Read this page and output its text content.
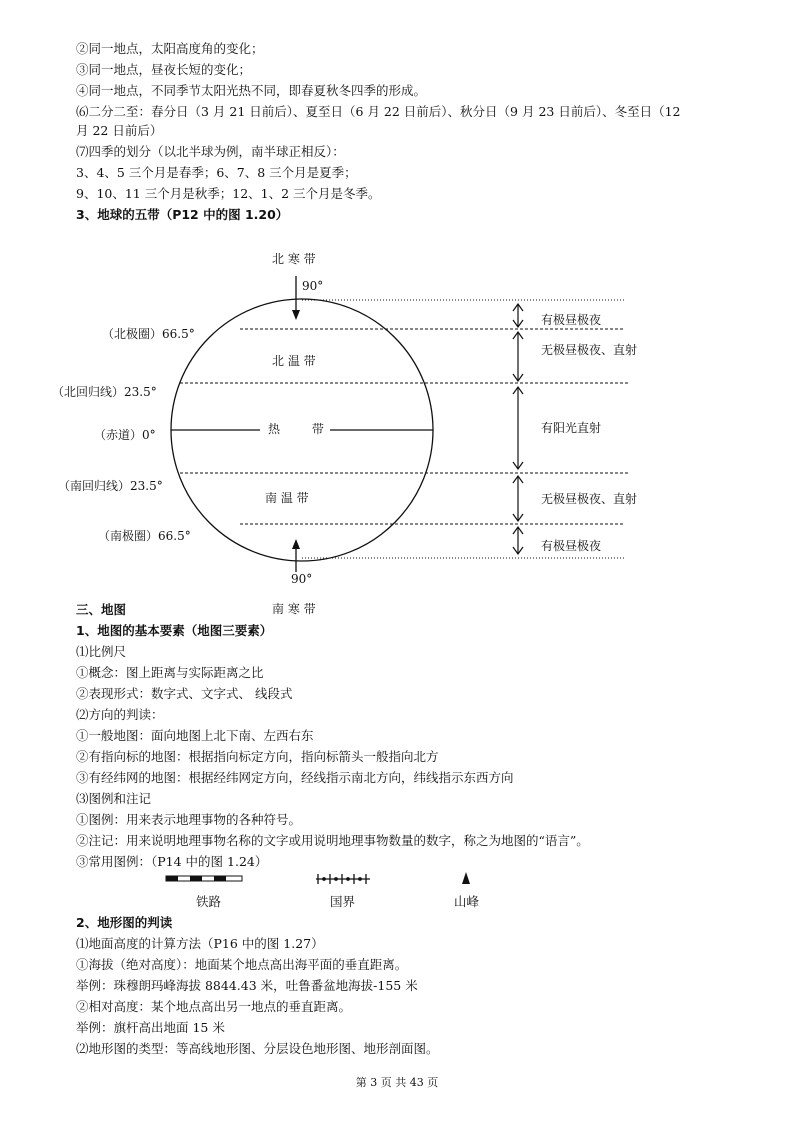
②同一地点，太阳高度角的变化；
③同一地点，昼夜长短的变化；
④同一地点，不同季节太阳光热不同，即春夏秋冬四季的形成。
⑹二分二至：春分日（3 月 21 日前后）、夏至日（6 月 22 日前后）、秋分日（9 月 23 日前后）、冬至日（12
月 22 日前后）
⑺四季的划分（以北半球为例，南半球正相反）：
3、4、5 三个月是春季；6、7、8 三个月是夏季；
9、10、11 三个月是秋季；12、1、2 三个月是冬季。
3、地球的五带（P12 中的图 1.20）
北 寒 带
90°
北 温 带
热 带
南 温 带
90°
南 寒 带
（北极圈）66.5°
（北回归线）23.5°
（赤道）0°
（南回归线）23.5°
（南极圈）66.5°
有极昼极夜
无极昼极夜、直射
有阳光直射
无极昼极夜、直射
有极昼极夜
三、地图
1、地图的基本要素（地图三要素）
⑴比例尺
①概念：图上距离与实际距离之比
②表现形式：数字式、文字式、 线段式
⑵方向的判读：
①一般地图：面向地图上北下南、左西右东
②有指向标的地图：根据指向标定方向，指向标箭头一般指向北方
③有经纬网的地图：根据经纬网定方向，经线指示南北方向，纬线指示东西方向
⑶图例和注记
①图例：用来表示地理事物的各种符号。
②注记：用来说明地理事物名称的文字或用说明地理事物数量的数字，称之为地图的“语言”。
③常用图例：（P14 中的图 1.24）
铁路	国界	山峰
2、地形图的判读
⑴地面高度的计算方法（P16 中的图 1.27）
①海拔（绝对高度）：地面某个地点高出海平面的垂直距离。
举例：珠穆朗玛峰海拔 8844.43 米，吐鲁番盆地海拔-155 米
②相对高度：某个地点高出另一地点的垂直距离。
举例：旗杆高出地面 15 米
⑵地形图的类型：等高线地形图、分层设色地形图、地形剖面图。
第 3 页 共 43 页
